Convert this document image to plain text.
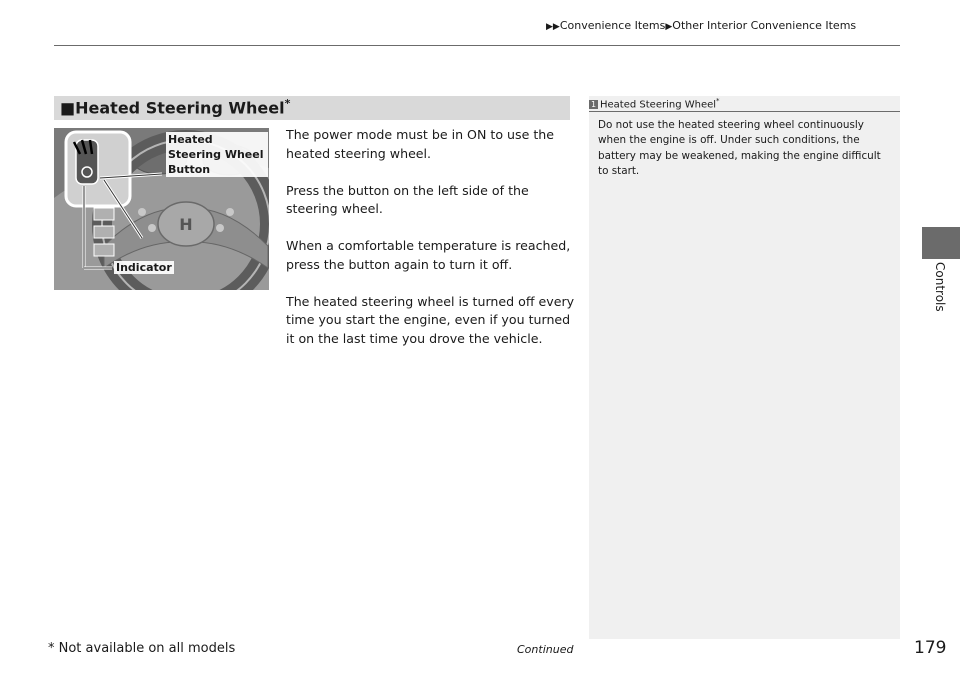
▶▶Convenience Items▶Other Interior Convenience Items
Controls
■Heated Steering Wheel*
H
Heated Steering Wheel Button
Indicator

The power mode must be in ON to use the heated steering wheel.

Press the button on the left side of the steering wheel.

When a comfortable temperature is reached, press the button again to turn it off.

The heated steering wheel is turned off every time you start the engine, even if you turned it on the last time you drove the vehicle.

1 Heated Steering Wheel*
Do not use the heated steering wheel continuously when the engine is off. Under such conditions, the battery may be weakened, making the engine difficult to start.
* Not available on all models	Continued	179
